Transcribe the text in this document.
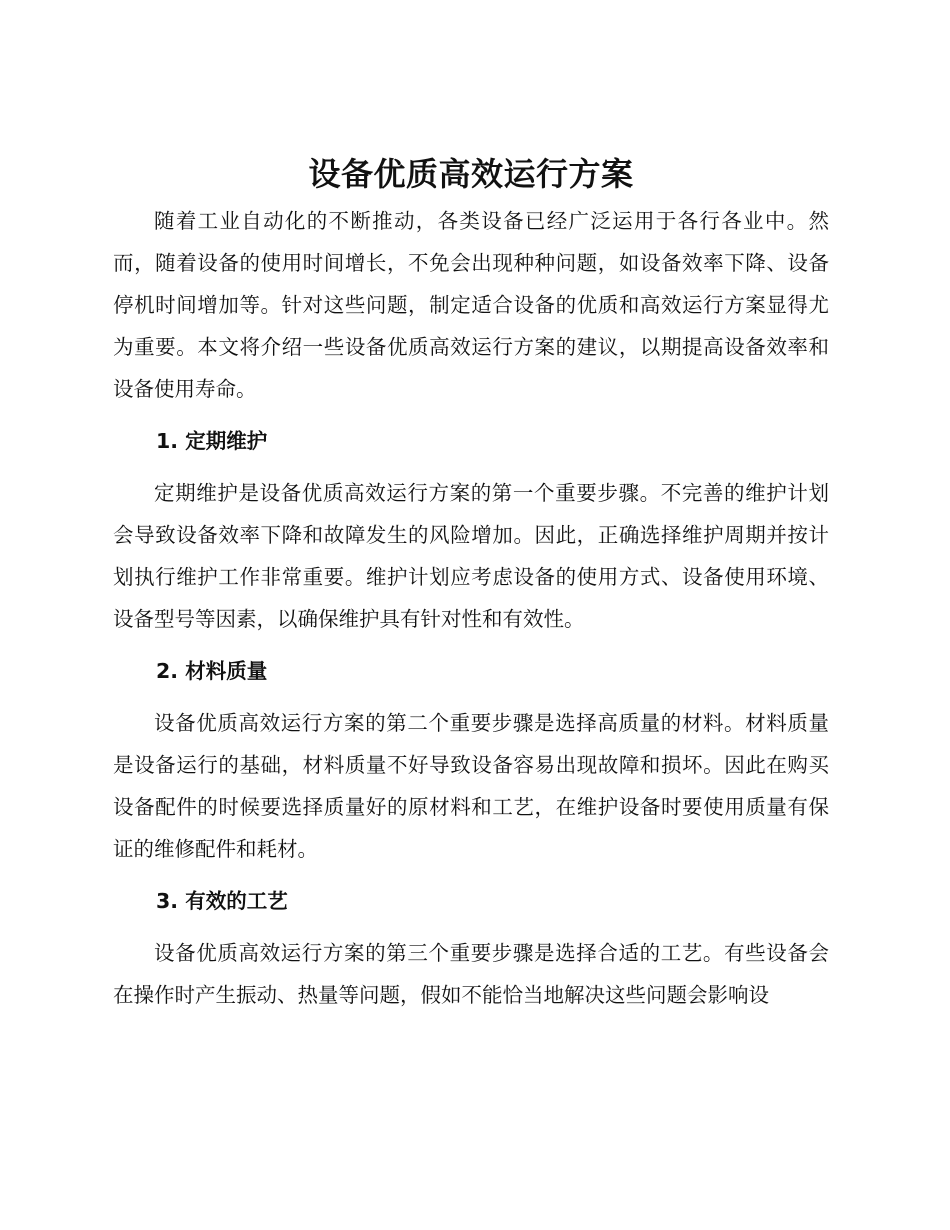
设备优质高效运行方案

随着工业自动化的不断推动，各类设备已经广泛运用于各行各业中。然而，随着设备的使用时间增长，不免会出现种种问题，如设备效率下降、设备停机时间增加等。针对这些问题，制定适合设备的优质和高效运行方案显得尤为重要。本文将介绍一些设备优质高效运行方案的建议，以期提高设备效率和设备使用寿命。

1. 定期维护

定期维护是设备优质高效运行方案的第一个重要步骤。不完善的维护计划会导致设备效率下降和故障发生的风险增加。因此，正确选择维护周期并按计划执行维护工作非常重要。维护计划应考虑设备的使用方式、设备使用环境、设备型号等因素，以确保维护具有针对性和有效性。

2. 材料质量

设备优质高效运行方案的第二个重要步骤是选择高质量的材料。材料质量是设备运行的基础，材料质量不好导致设备容易出现故障和损坏。因此在购买设备配件的时候要选择质量好的原材料和工艺，在维护设备时要使用质量有保证的维修配件和耗材。

3. 有效的工艺

设备优质高效运行方案的第三个重要步骤是选择合适的工艺。有些设备会在操作时产生振动、热量等问题，假如不能恰当地解决这些问题会影响设
